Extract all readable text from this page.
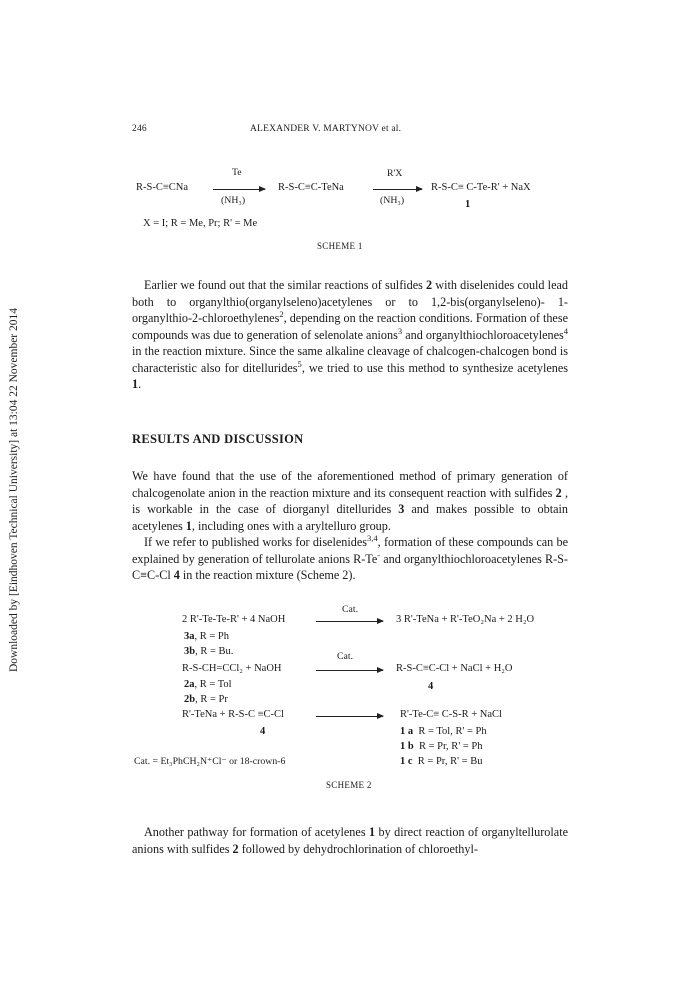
Downloaded by [Eindhoven Technical University] at 13:04 22 November 2014
246	ALEXANDER V. MARTYNOV et al.
R-S-C≡CNa
Te
(NH₃)
R-S-C≡C-TeNa
R'X
(NH₃)
R-S-C≡ C-Te-R' + NaX
1
X = I; R = Me, Pr; R' = Me
SCHEME 1

Earlier we found out that the similar reactions of sulfides 2 with diselenides could lead both to organylthio(organylseleno)acetylenes or to 1,2-bis(organylseleno)- 1-organylthio-2-chloroethylenes$^2$, depending on the reaction conditions. Formation of these compounds was due to generation of selenolate anions$^3$ and organylthiochloroacetylenes$^4$ in the reaction mixture. Since the same alkaline cleavage of chalcogen-chalcogen bond is characteristic also for ditellurides$^5$, we tried to use this method to synthesize acetylenes 1.

RESULTS AND DISCUSSION

We have found that the use of the aforementioned method of primary generation of chalcogenolate anion in the reaction mixture and its consequent reaction with sulfides 2 , is workable in the case of diorganyl ditellurides 3 and makes possible to obtain acetylenes 1, including ones with a aryltelluro group.

If we refer to published works for diselenides$^{3,4}$, formation of these compounds can be explained by generation of tellurolate anions R-Te- and organylthiochloroacetylenes R-S-C≡C-Cl 4 in the reaction mixture (Scheme 2).

2 R'-Te-Te-R' + 4 NaOH
Cat.
3 R'-TeNa + R'-TeO₂Na + 2 H₂O
3a, R = Ph
3b, R = Bu.	Cat.
R-S-CH=CCl₂ + NaOH	R-S-C≡C-Cl + NaCl + H₂O
2a, R = Tol	4
2b, R = Pr
R'-TeNa + R-S-C ≡C-Cl	R'-Te-C≡ C-S-R + NaCl
4	1 a R = Tol, R' = Ph
1 b R = Pr, R' = Ph
1 c R = Pr, R' = Bu
Cat. = Et₃PhCH₂N⁺Cl⁻ or 18-crown-6
SCHEME 2

Another pathway for formation of acetylenes 1 by direct reaction of organyltellurolate anions with sulfides 2 followed by dehydrochlorination of chloroethyl-
